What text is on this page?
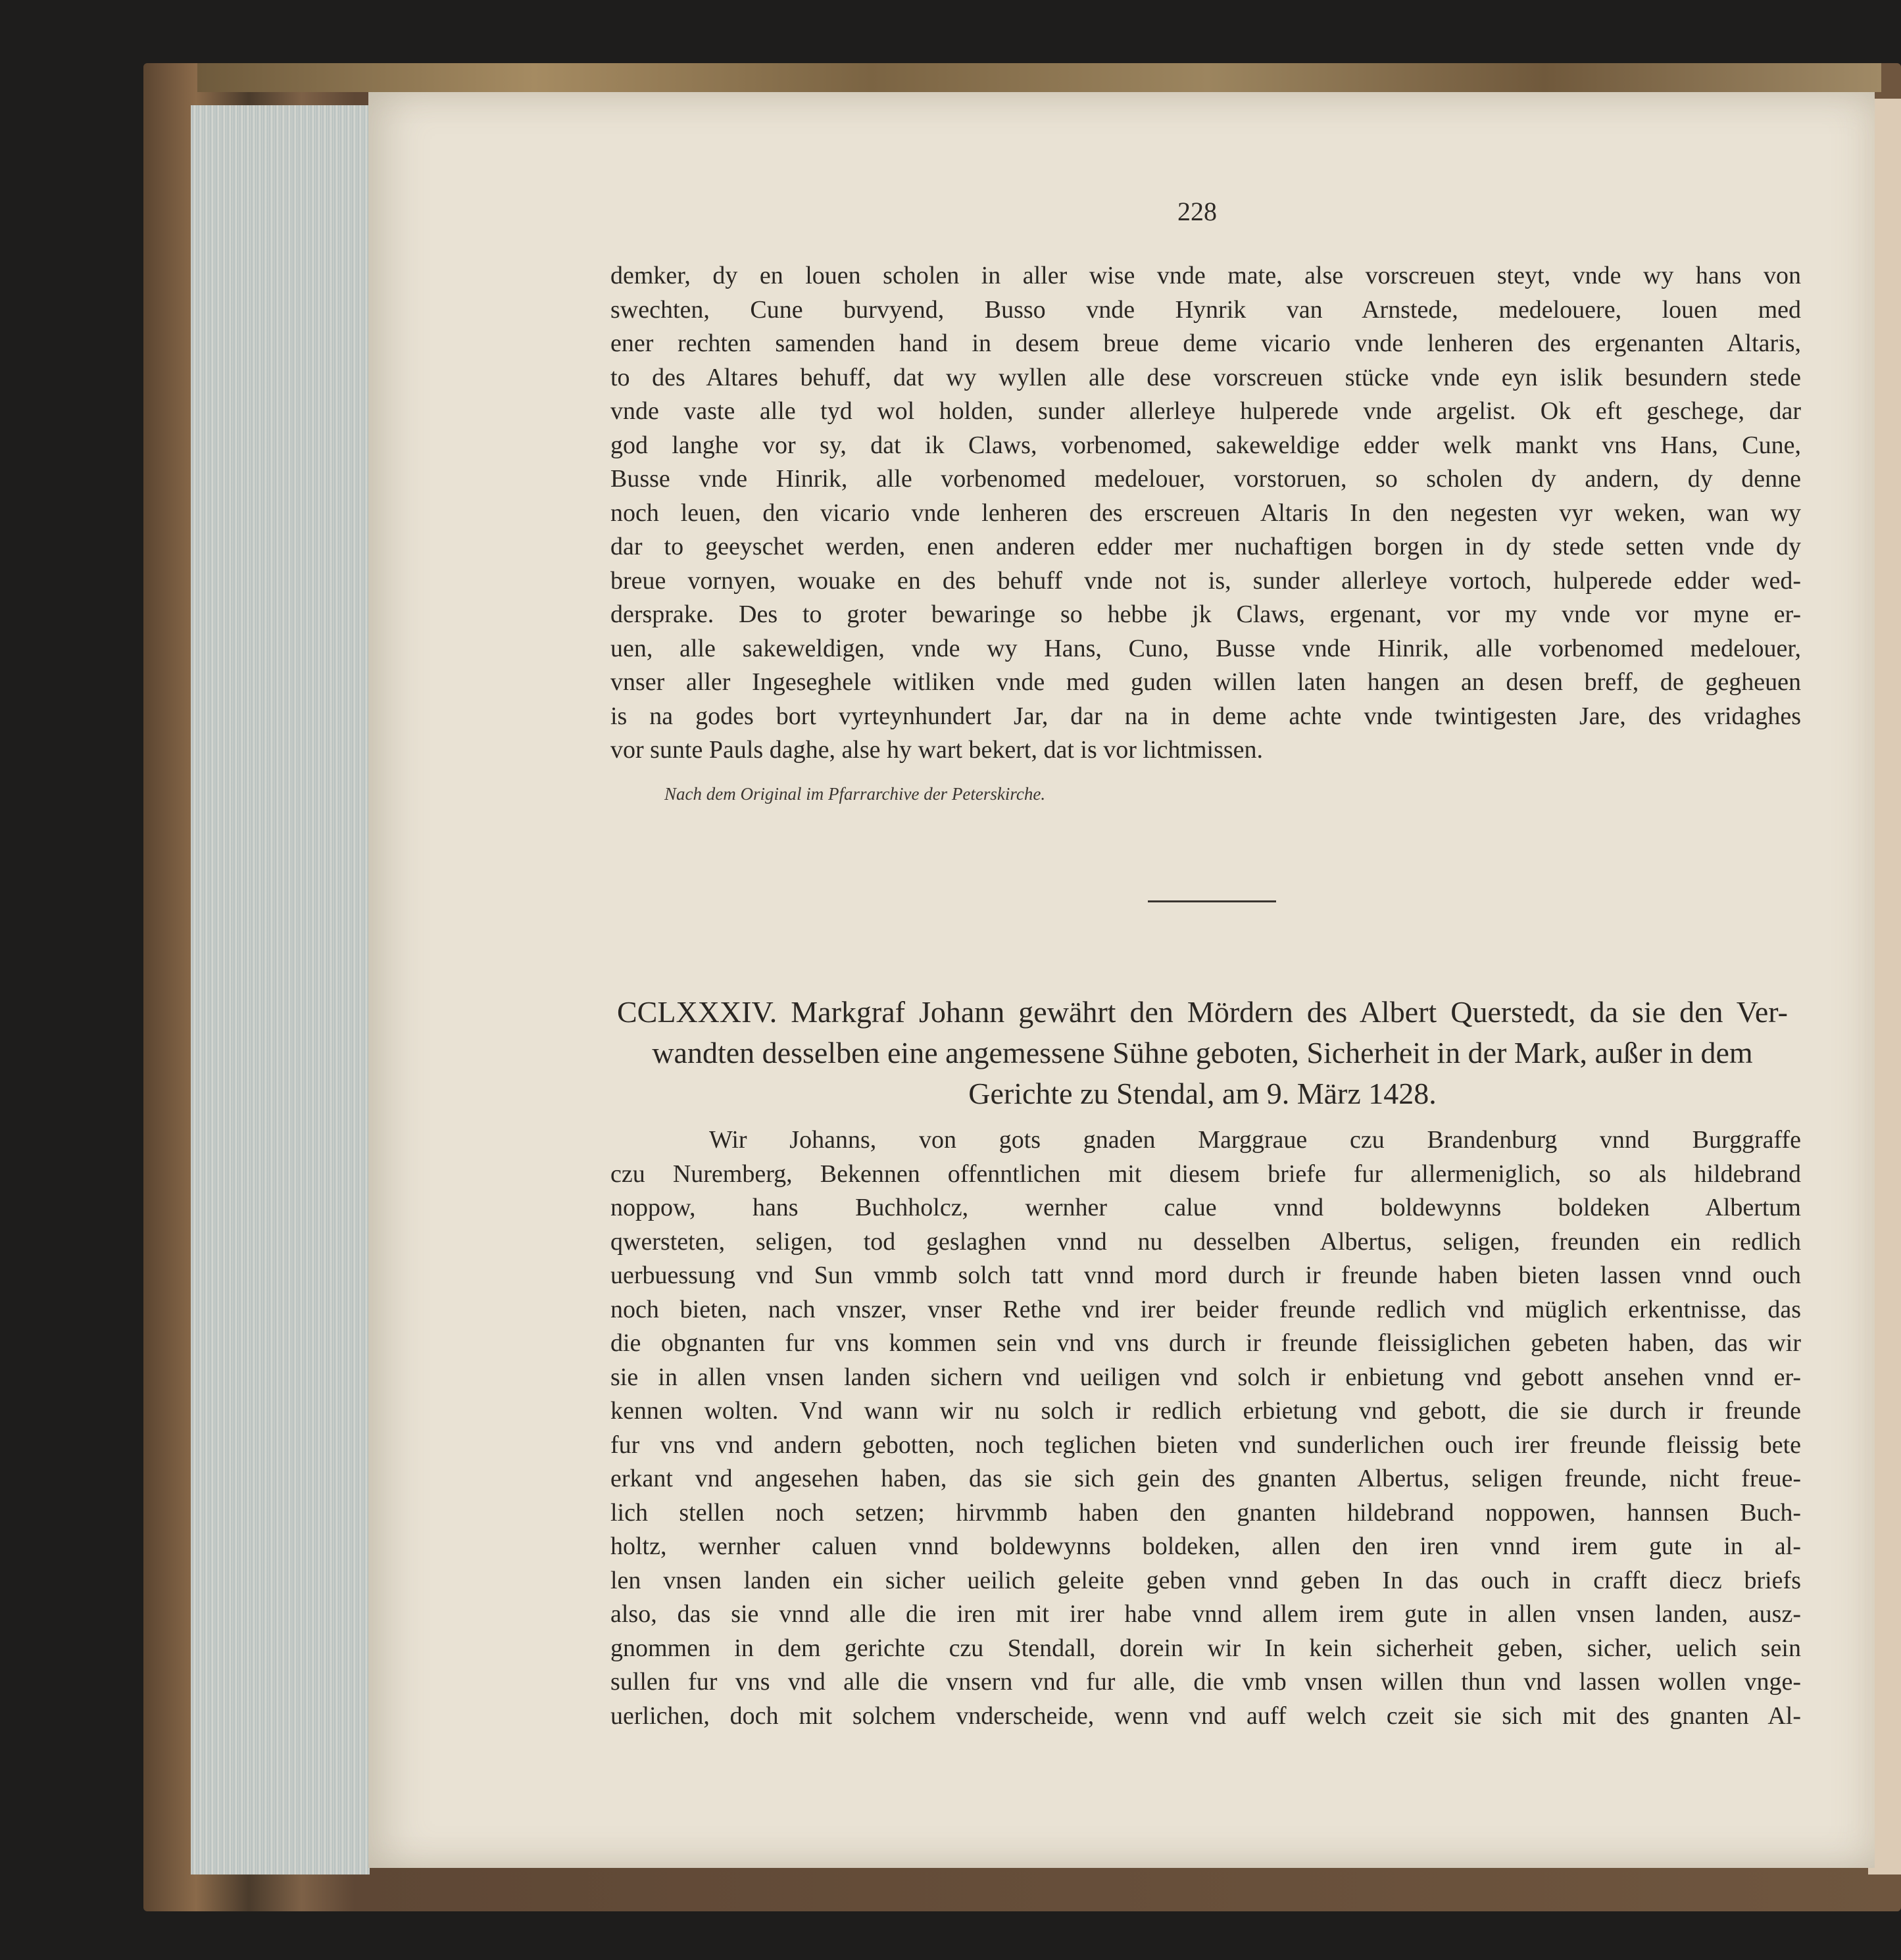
228
demker, dy en louen scholen in aller wise vnde mate, alse vorscreuen steyt, vnde wy hans von
swechten, Cune burvyend, Busso vnde Hynrik van Arnstede, medelouere, louen med
ener rechten samenden hand in desem breue deme vicario vnde lenheren des ergenanten Altaris,
to des Altares behuff, dat wy wyllen alle dese vorscreuen stücke vnde eyn islik besundern stede
vnde vaste alle tyd wol holden, sunder allerleye hulperede vnde argelist. Ok eft geschege, dar
god langhe vor sy, dat ik Claws, vorbenomed, sakeweldige edder welk mankt vns Hans, Cune,
Busse vnde Hinrik, alle vorbenomed medelouer, vorstoruen, so scholen dy andern, dy denne
noch leuen, den vicario vnde lenheren des erscreuen Altaris In den negesten vyr weken, wan wy
dar to geeyschet werden, enen anderen edder mer nuchaftigen borgen in dy stede setten vnde dy
breue vornyen, wouake en des behuff vnde not is, sunder allerleye vortoch, hulperede edder wed-
dersprake. Des to groter bewaringe so hebbe jk Claws, ergenant, vor my vnde vor myne er-
uen, alle sakeweldigen, vnde wy Hans, Cuno, Busse vnde Hinrik, alle vorbenomed medelouer,
vnser aller Ingeseghele witliken vnde med guden willen laten hangen an desen breff, de gegheuen
is na godes bort vyrteynhundert Jar, dar na in deme achte vnde twintigesten Jare, des vridaghes
vor sunte Pauls daghe, alse hy wart bekert, dat is vor lichtmissen.
Nach dem Original im Pfarrarchive der Peterskirche.
CCLXXXIV. Markgraf Johann gewährt den Mördern des Albert Querstedt, da sie den Ver-
wandten desselben eine angemessene Sühne geboten, Sicherheit in der Mark, außer in dem
Gerichte zu Stendal, am 9. März 1428.
Wir Johanns, von gots gnaden Marggraue czu Brandenburg vnnd Burggraffe
czu Nuremberg, Bekennen offenntlichen mit diesem briefe fur allermeniglich, so als hildebrand
noppow, hans Buchholcz, wernher calue vnnd boldewynns boldeken Albertum
qwersteten, seligen, tod geslaghen vnnd nu desselben Albertus, seligen, freunden ein redlich
uerbuessung vnd Sun vmmb solch tatt vnnd mord durch ir freunde haben bieten lassen vnnd ouch
noch bieten, nach vnszer, vnser Rethe vnd irer beider freunde redlich vnd müglich erkentnisse, das
die obgnanten fur vns kommen sein vnd vns durch ir freunde fleissiglichen gebeten haben, das wir
sie in allen vnsen landen sichern vnd ueiligen vnd solch ir enbietung vnd gebott ansehen vnnd er-
kennen wolten. Vnd wann wir nu solch ir redlich erbietung vnd gebott, die sie durch ir freunde
fur vns vnd andern gebotten, noch teglichen bieten vnd sunderlichen ouch irer freunde fleissig bete
erkant vnd angesehen haben, das sie sich gein des gnanten Albertus, seligen freunde, nicht freue-
lich stellen noch setzen; hirvmmb haben den gnanten hildebrand noppowen, hannsen Buch-
holtz, wernher caluen vnnd boldewynns boldeken, allen den iren vnnd irem gute in al-
len vnsen landen ein sicher ueilich geleite geben vnnd geben In das ouch in crafft diecz briefs
also, das sie vnnd alle die iren mit irer habe vnnd allem irem gute in allen vnsen landen, ausz-
gnommen in dem gerichte czu Stendall, dorein wir In kein sicherheit geben, sicher, uelich sein
sullen fur vns vnd alle die vnsern vnd fur alle, die vmb vnsen willen thun vnd lassen wollen vnge-
uerlichen, doch mit solchem vnderscheide, wenn vnd auff welch czeit sie sich mit des gnanten Al-
